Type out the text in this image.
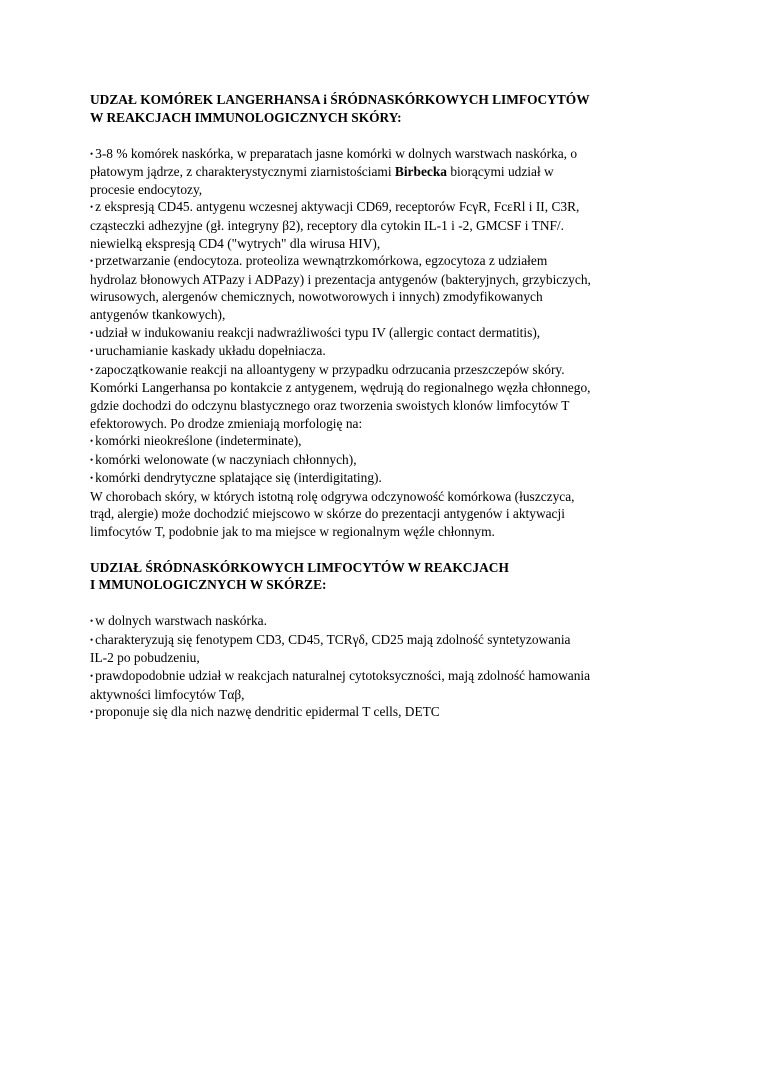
UDZAŁ KOMÓREK LANGERHANSA i ŚRÓDNASKÓRKOWYCH LIMFOCYTÓW
W REAKCJACH IMMUNOLOGICZNYCH SKÓRY:
• 3-8 % komórek naskórka, w preparatach jasne komórki w dolnych warstwach naskórka, o
płatowym jądrze, z charakterystycznymi ziarnistościami Birbecka biorącymi udział w
procesie endocytozy,
• z ekspresją CD45. antygenu wczesnej aktywacji CD69, receptorów FcγR, FcεRl i II, C3R,
cząsteczki adhezyjne (gł. integryny β2), receptory dla cytokin IL-1 i -2, GMCSF i TNF/.
niewielką ekspresją CD4 ("wytrych" dla wirusa HIV),
• przetwarzanie (endocytoza. proteoliza wewnątrzkomórkowa, egzocytoza z udziałem
hydrolaz błonowych ATPazy i ADPazy) i prezentacja antygenów (bakteryjnych, grzybiczych,
wirusowych, alergenów chemicznych, nowotworowych i innych) zmodyfikowanych
antygenów tkankowych),
• udział w indukowaniu reakcji nadwrażliwości typu IV (allergic contact dermatitis),
• uruchamianie kaskady układu dopełniacza.
• zapoczątkowanie reakcji na alloantygeny w przypadku odrzucania przeszczepów skóry.
Komórki Langerhansa po kontakcie z antygenem, wędrują do regionalnego węzła chłonnego,
gdzie dochodzi do odczynu blastycznego oraz tworzenia swoistych klonów limfocytów T
efektorowych. Po drodze zmieniają morfologię na:
• komórki nieokreślone (indeterminate),
• komórki welonowate (w naczyniach chłonnych),
• komórki dendrytyczne splatające się (interdigitating).
W chorobach skóry, w których istotną rolę odgrywa odczynowość komórkowa (łuszczyca,
trąd, alergie) może dochodzić miejscowo w skórze do prezentacji antygenów i aktywacji
limfocytów T, podobnie jak to ma miejsce w regionalnym węźle chłonnym.
UDZIAŁ ŚRÓDNASKÓRKOWYCH LIMFOCYTÓW W REAKCJACH
I MMUNOLOGICZNYCH W SKÓRZE:
• w dolnych warstwach naskórka.
• charakteryzują się fenotypem CD3, CD45, TCRγδ, CD25 mają zdolność syntetyzowania
IL-2 po pobudzeniu,
• prawdopodobnie udział w reakcjach naturalnej cytotoksyczności, mają zdolność hamowania
aktywności limfocytów Tαβ,
• proponuje się dla nich nazwę dendritic epidermal T cells, DETC
